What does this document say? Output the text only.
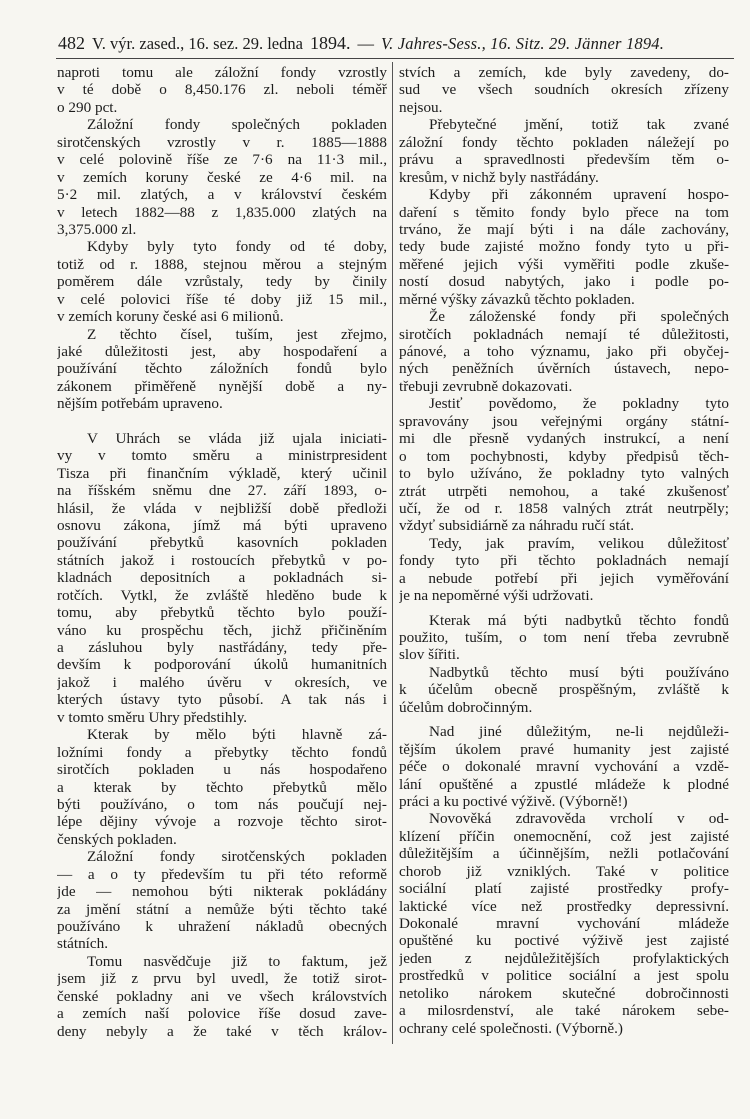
482 V. výr. zased., 16. sez. 29. ledna 1894. — V. Jahres-Sess., 16. Sitz. 29. Jänner 1894.
naproti tomu ale záložní fondy vzrostly
v té době o 8,450.176 zl. neboli téměř
o 290 pct.
Záložní fondy společných pokladen
sirotčenských vzrostly v r. 1885—1888
v celé polovině říše ze 7·6 na 11·3 mil.,
v zemích koruny české ze 4·6 mil. na
5·2 mil. zlatých, a v království českém
v letech 1882—88 z 1,835.000 zlatých na
3,375.000 zl.
Kdyby byly tyto fondy od té doby,
totiž od r. 1888, stejnou měrou a stejným
poměrem dále vzrůstaly, tedy by činily
v celé polovici říše té doby již 15 mil.,
v zemích koruny české asi 6 milionů.
Z těchto čísel, tuším, jest zřejmo,
jaké důležitosti jest, aby hospodaření a
používání těchto záložních fondů bylo
zákonem přiměřeně nynější době a ny-
nějším potřebám upraveno.
V Uhrách se vláda již ujala iniciati-
vy v tomto směru a ministrpresident
Tisza při finančním výkladě, který učinil
na říšském sněmu dne 27. září 1893, o-
hlásil, že vláda v nejbližší době předloži
osnovu zákona, jímž má býti upraveno
používání přebytků kasovních pokladen
státních jakož i rostoucích přebytků v po-
kladnách depositních a pokladnách si-
rotčích. Vytkl, že zvláště hleděno bude k
tomu, aby přebytků těchto bylo použí-
váno ku prospěchu těch, jichž přičiněním
a zásluhou byly nastřádány, tedy pře-
devším k podporování úkolů humanitních
jakož i malého úvěru v okresích, ve
kterých ústavy tyto působí. A tak nás i
v tomto směru Uhry předstihly.
Kterak by mělo býti hlavně zá-
ložními fondy a přebytky těchto fondů
sirotčích pokladen u nás hospodařeno
a kterak by těchto přebytků mělo
býti používáno, o tom nás poučují nej-
lépe dějiny vývoje a rozvoje těchto sirot-
čenských pokladen.
Záložní fondy sirotčenských pokladen
— a o ty především tu při této reformě
jde — nemohou býti nikterak pokládány
za jmění státní a nemůže býti těchto také
používáno k uhražení nákladů obecných
státních.
Tomu nasvědčuje již to faktum, jež
jsem již z prvu byl uvedl, že totiž sirot-
čenské pokladny ani ve všech královstvích
a zemích naší polovice říše dosud zave-
deny nebyly a že také v těch králov-
stvích a zemích, kde byly zavedeny, do-
sud ve všech soudních okresích zřízeny
nejsou.
Přebytečné jmění, totiž tak zvané
záložní fondy těchto pokladen náležejí po
právu a spravedlnosti především těm o-
kresům, v nichž byly nastřádány.
Kdyby při zákonném upravení hospo-
daření s těmito fondy bylo přece na tom
trváno, že mají býti i na dále zachovány,
tedy bude zajisté možno fondy tyto u při-
měřené jejich výši vyměřiti podle zkuše-
ností dosud nabytých, jako i podle po-
měrné výšky závazků těchto pokladen.
Že záloženské fondy při společných
sirotčích pokladnách nemají té důležitosti,
pánové, a toho významu, jako při obyčej-
ných peněžních úvěrních ústavech, nepo-
třebuji zevrubně dokazovati.
Jestiť povědomo, že pokladny tyto
spravovány jsou veřejnými orgány státní-
mi dle přesně vydaných instrukcí, a není
o tom pochybnosti, kdyby předpisů těch-
to bylo užíváno, že pokladny tyto valných
ztrát utrpěti nemohou, a také zkušenosť
učí, že od r. 1858 valných ztrát neutrpěly;
vždyť subsidiárně za náhradu ručí stát.
Tedy, jak pravím, velikou důležitosť
fondy tyto při těchto pokladnách nemají
a nebude potřebí při jejich vyměřování
je na nepoměrné výši udržovati.
Kterak má býti nadbytků těchto fondů
použito, tuším, o tom není třeba zevrubně
slov šířiti.
Nadbytků těchto musí býti používáno
k účelům obecně prospěšným, zvláště k
účelům dobročinným.
Nad jiné důležitým, ne-li nejdůleži-
tějším úkolem pravé humanity jest zajisté
péče o dokonalé mravní vychování a vzdě-
lání opuštěné a zpustlé mládeže k plodné
práci a ku poctivé výživě. (Výborně!)
Novověká zdravověda vrcholí v od-
klízení příčin onemocnění, což jest zajisté
důležitějším a účinnějším, nežli potlačování
chorob již vzniklých. Také v politice
sociální platí zajisté prostředky profy-
laktické více než prostředky depressivní.
Dokonalé mravní vychování mládeže
opuštěné ku poctivé výživě jest zajisté
jeden z nejdůležitějších profylaktických
prostředků v politice sociální a jest spolu
netoliko nárokem skutečné dobročinnosti
a milosrdenství, ale také nárokem sebe-
ochrany celé společnosti. (Výborně.)
